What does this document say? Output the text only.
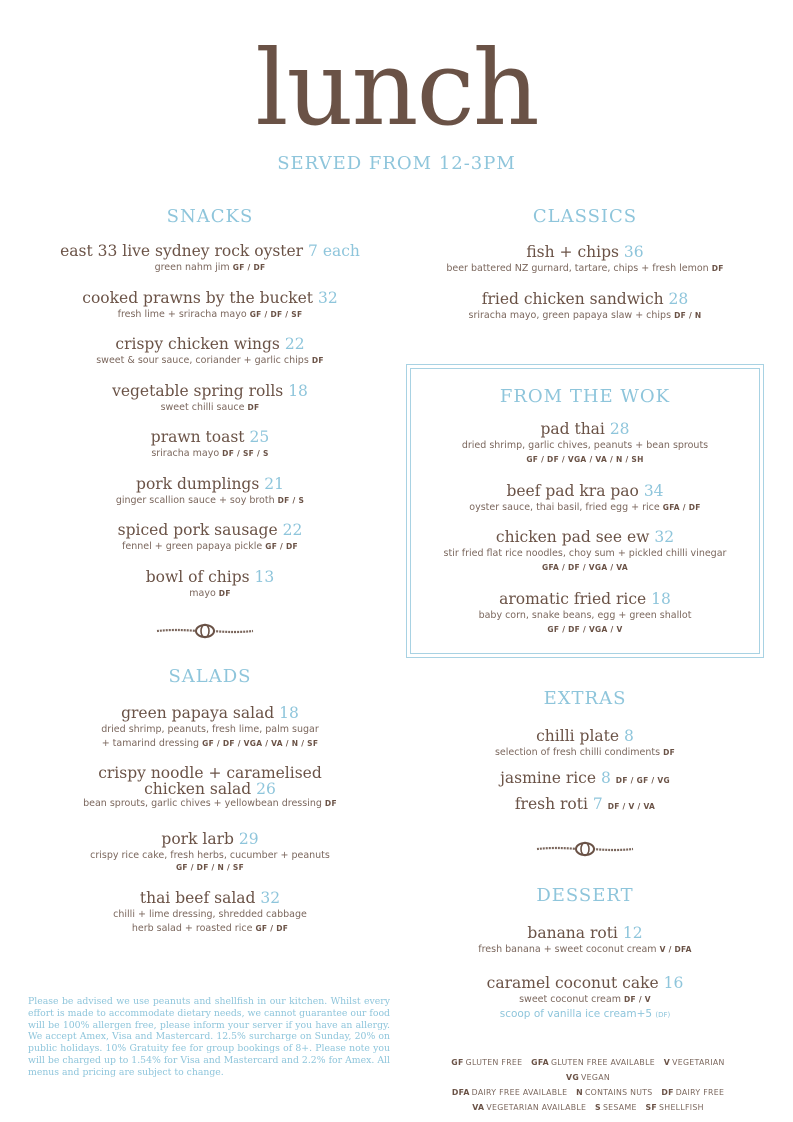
lunch
SERVED FROM 12-3PM
SNACKS
east 33 live sydney rock oyster 7 each
green nahm jim GF / DF
cooked prawns by the bucket 32
fresh lime + sriracha mayo GF / DF / SF
crispy chicken wings 22
sweet & sour sauce, coriander + garlic chips DF
vegetable spring rolls 18
sweet chilli sauce DF
prawn toast 25
sriracha mayo DF / SF / S
pork dumplings 21
ginger scallion sauce + soy broth DF / S
spiced pork sausage 22
fennel + green papaya pickle GF / DF
bowl of chips 13
mayo DF
SALADS
green papaya salad 18
dried shrimp, peanuts, fresh lime, palm sugar
+ tamarind dressing GF / DF / VGA / VA / N / SF
crispy noodle + caramelised
chicken salad 26
bean sprouts, garlic chives + yellowbean dressing DF
pork larb 29
crispy rice cake, fresh herbs, cucumber + peanuts
GF / DF / N / SF
thai beef salad 32
chilli + lime dressing, shredded cabbage
herb salad + roasted rice GF / DF
CLASSICS
fish + chips 36
beer battered NZ gurnard, tartare, chips + fresh lemon DF
fried chicken sandwich 28
sriracha mayo, green papaya slaw + chips DF / N
FROM THE WOK
pad thai 28
dried shrimp, garlic chives, peanuts + bean sprouts
GF / DF / VGA / VA / N / SH
beef pad kra pao 34
oyster sauce, thai basil, fried egg + rice GFA / DF
chicken pad see ew 32
stir fried flat rice noodles, choy sum + pickled chilli vinegar
GFA / DF / VGA / VA
aromatic fried rice 18
baby corn, snake beans, egg + green shallot
GF / DF / VGA / V
EXTRAS
chilli plate 8
selection of fresh chilli condiments DF
jasmine rice 8 DF / GF / VG
fresh roti 7 DF / V / VA
DESSERT
banana roti 12
fresh banana + sweet coconut cream V / DFA
caramel coconut cake 16
sweet coconut cream DF / V
scoop of vanilla ice cream+5 (DF)
Please be advised we use peanuts and shellfish in our kitchen. Whilst every effort is made to accommodate dietary needs, we cannot guarantee our food will be 100% allergen free, please inform your server if you have an allergy. We accept Amex, Visa and Mastercard. 12.5% surcharge on Sunday, 20% on public holidays. 10% Gratuity fee for group bookings of 8+. Please note you will be charged up to 1.54% for Visa and Mastercard and 2.2% for Amex. All menus and pricing are subject to change.
GF GLUTEN FREE GFA GLUTEN FREE AVAILABLE V VEGETARIAN VG VEGAN
DFA DAIRY FREE AVAILABLE N CONTAINS NUTS DF DAIRY FREE
VA VEGETARIAN AVAILABLE S SESAME SF SHELLFISH
